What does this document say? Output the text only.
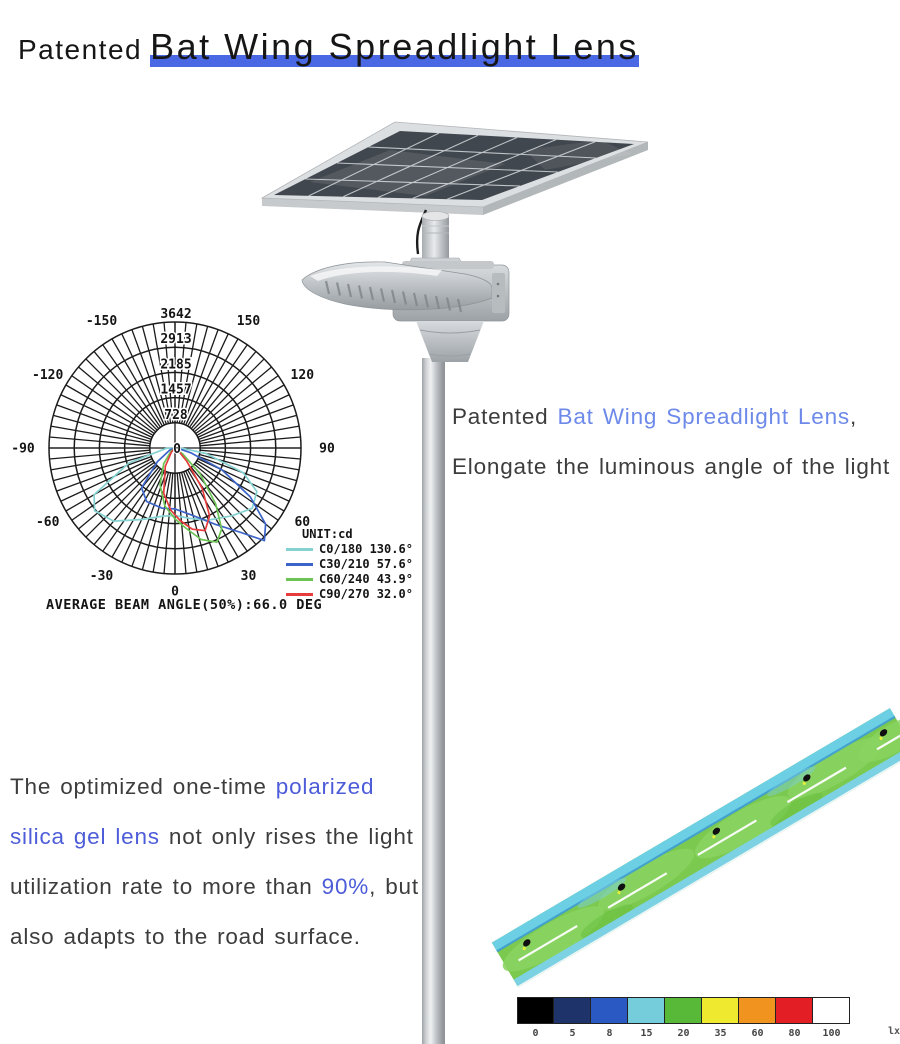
Patented Bat Wing Spreadlight Lens
728
1457
2185
2913
3642
0
-150
-120
-90
-60
-30
0
30
60
90
120
150
UNIT:cd
C0/180 130.6°
C30/210 57.6°
C60/240 43.9°
C90/270 32.0°
AVERAGE BEAM ANGLE(50%):66.0 DEG
Patented Bat Wing Spreadlight Lens, Elongate the luminous angle of the light
The optimized one-time polarized silica gel lens not only rises the light utilization rate to more than 90%, but also adapts to the road surface.
0	5	8	15	20	35	60	80	100	lx
